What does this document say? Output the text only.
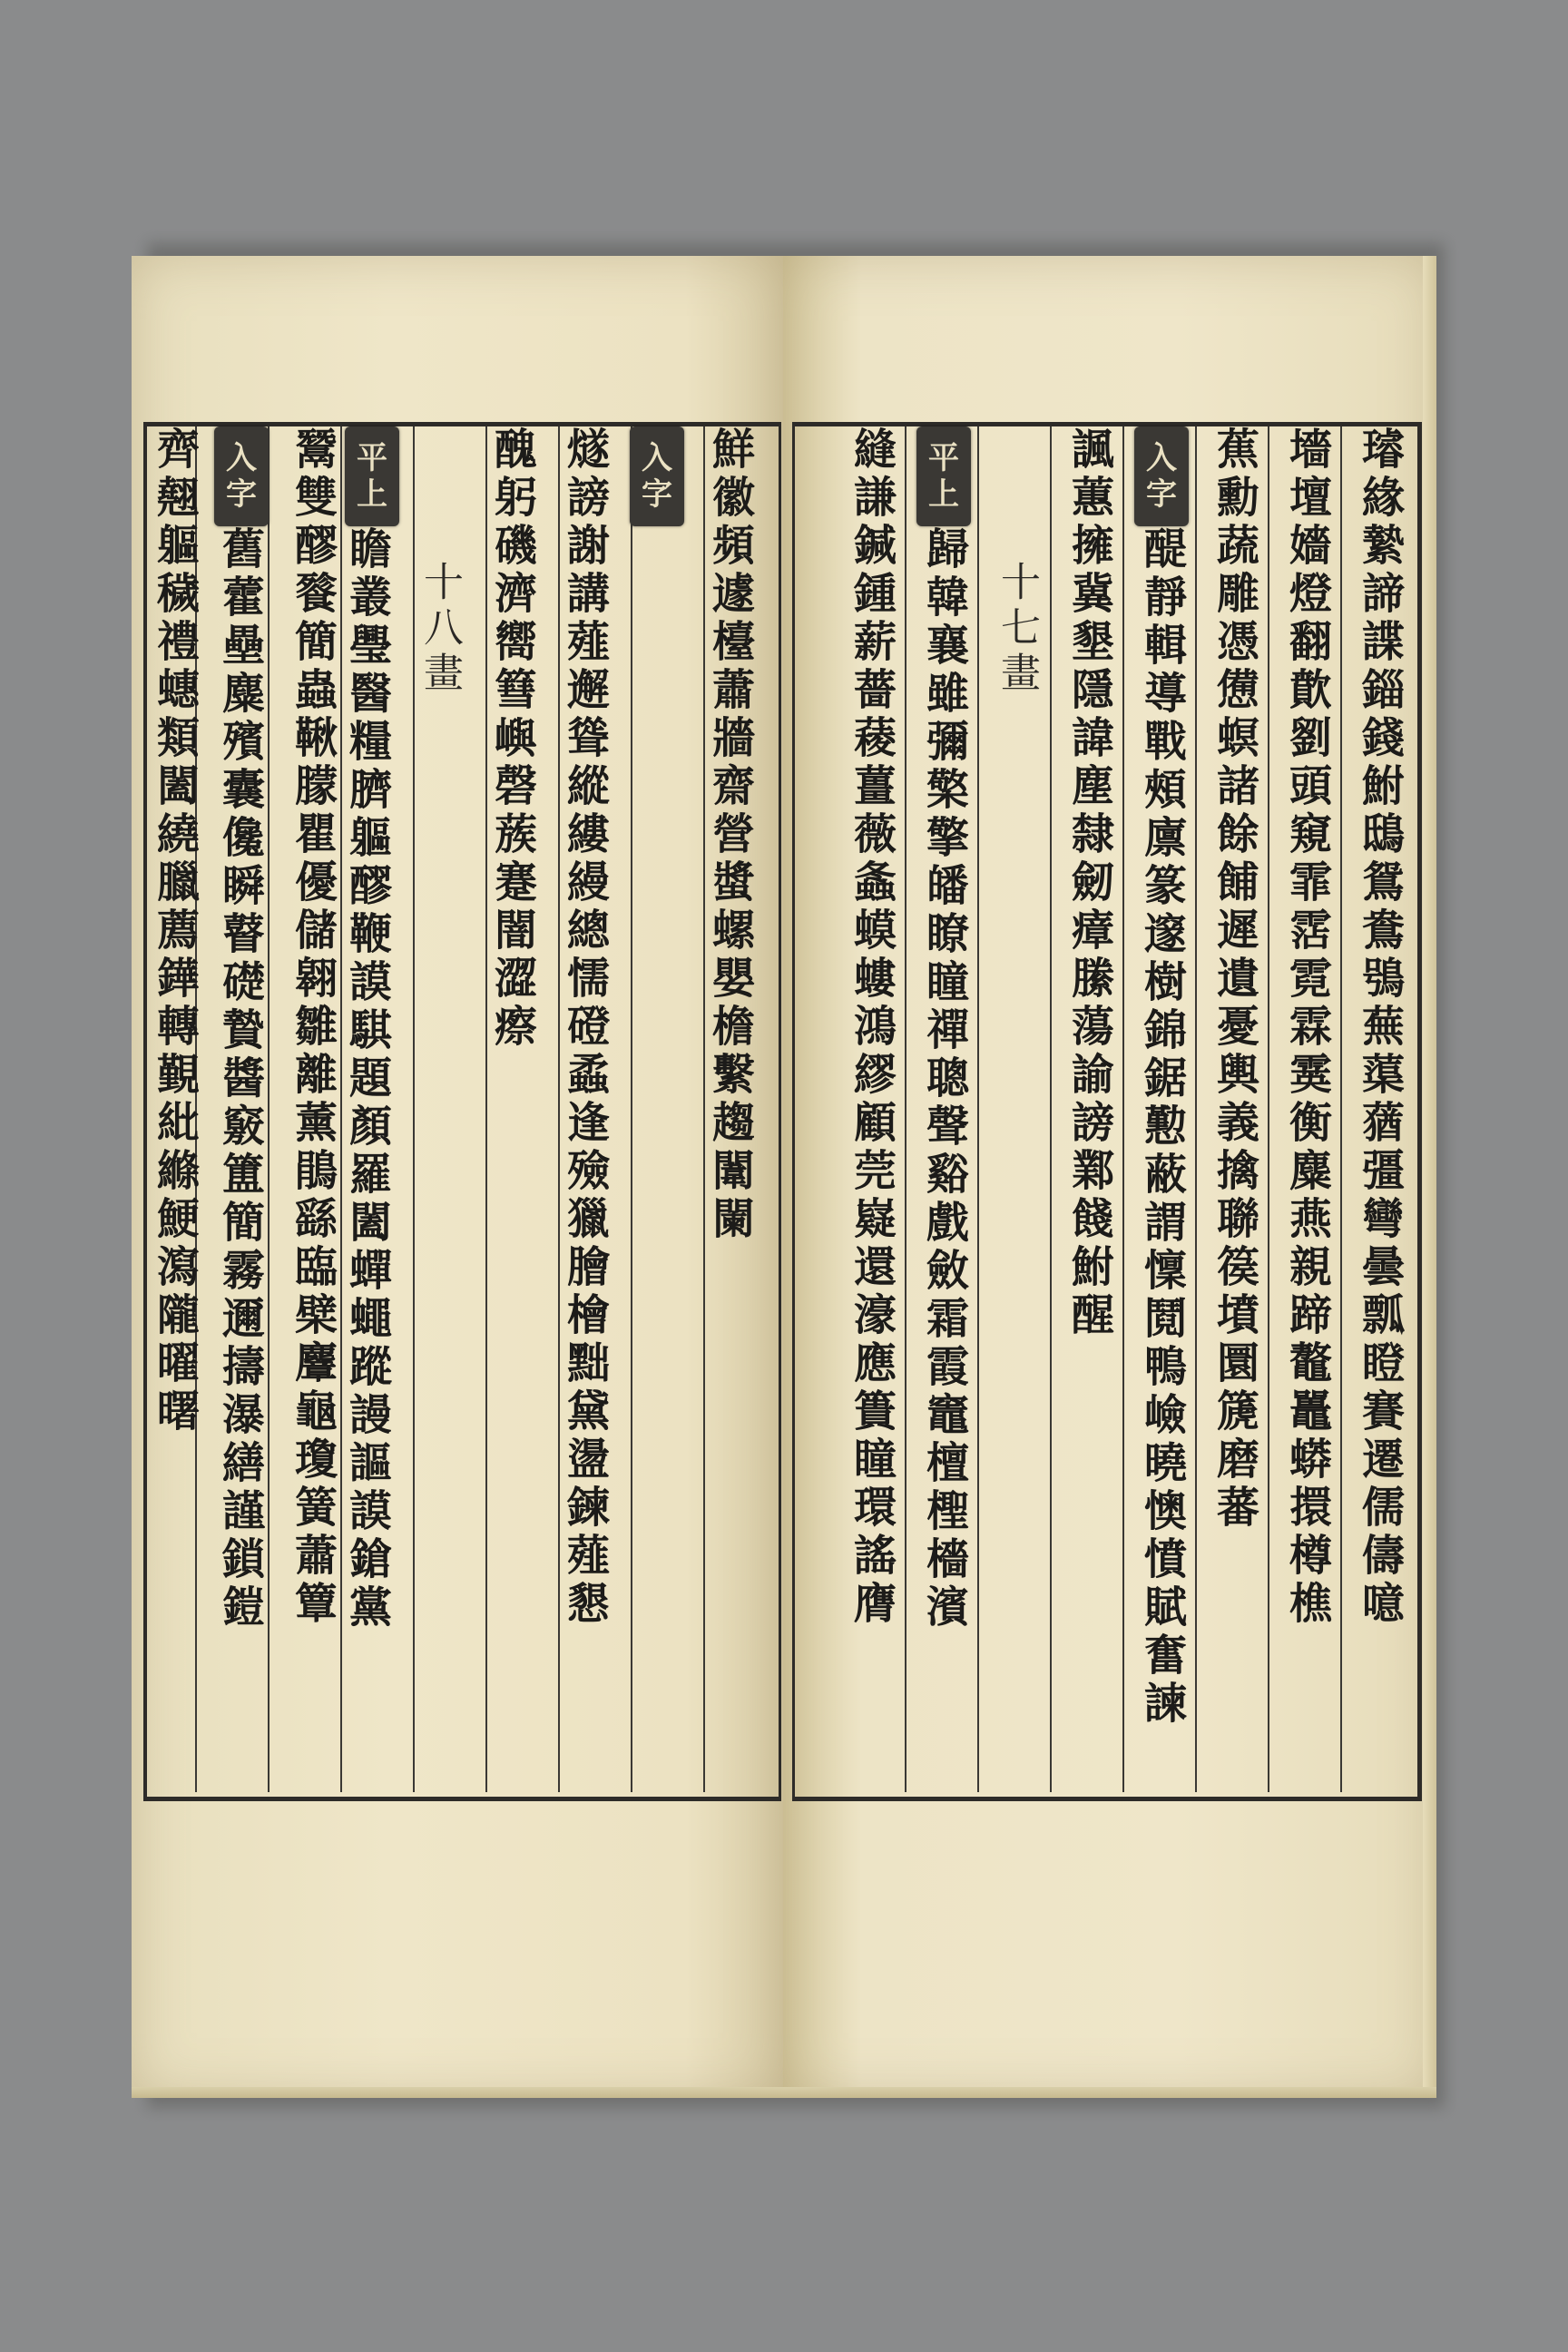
璿緣縶諦諜錙錢鮒鴟鴛鴦鴞蕪蕖蕕彊彎曇瓢瞪賽遷儒儔噫
墻壇嬙燈翻歕劉頭窺霏霑霓霖霙衡麋燕親蹄鼇鼉蟒擐樽樵
蕉勳蔬雕憑憊螟諸餘餔遲遺憂輿義擒聯篌墳圜篪磨蕃
醍靜輯導戰頰廪篆邃樹錦鋸懃蔽謂懍鬩鴨嶮曉懊憤賦奮諫
諷蕙擁冀墾隱諱塵隸劒瘴縢蕩諭謗鄴餞鮒醒
十七畫
歸韓襄雖彌檠擎皤瞭瞳禪聰聲谿戲斂霜霞竈檀檉檣濱
縫謙鍼鍾薪薔薐薑薇螽蟆螻鴻繆顧莞嶷還濠應簣瞳環謠膺	入
字
平
上
鮮徽頻遽檯蕭牆齋營螿螺嬰檐繫趨闈闌
燧謗謝講薤邂聳縱縷縵總懦磴蟊逢殮獵膾檜黜黛盪鍊薤懇
醜躬磯濟嚮篲嶼磬蔟蹇闇澀瘵
十八畫
瞻叢璺醫糧臍軀醪鞭謨騏題顏羅闔蟬蠅蹤謾謳謨鎗黨
鬵雙醪餮簡蟲鞦朦瞿優儲翱雛離薰鵑繇臨檗麞龜瓊簧蕭簟
舊藿壘麋殯囊儳瞬瞽礎贄醬竅簠簡霧邇擣瀑繕謹鎖鎧
齊翹軀穢禮蟪類闔繞臘薦鏵轉覲紕縧鯁瀉隴曜曙	入
字
入
字
平
上
